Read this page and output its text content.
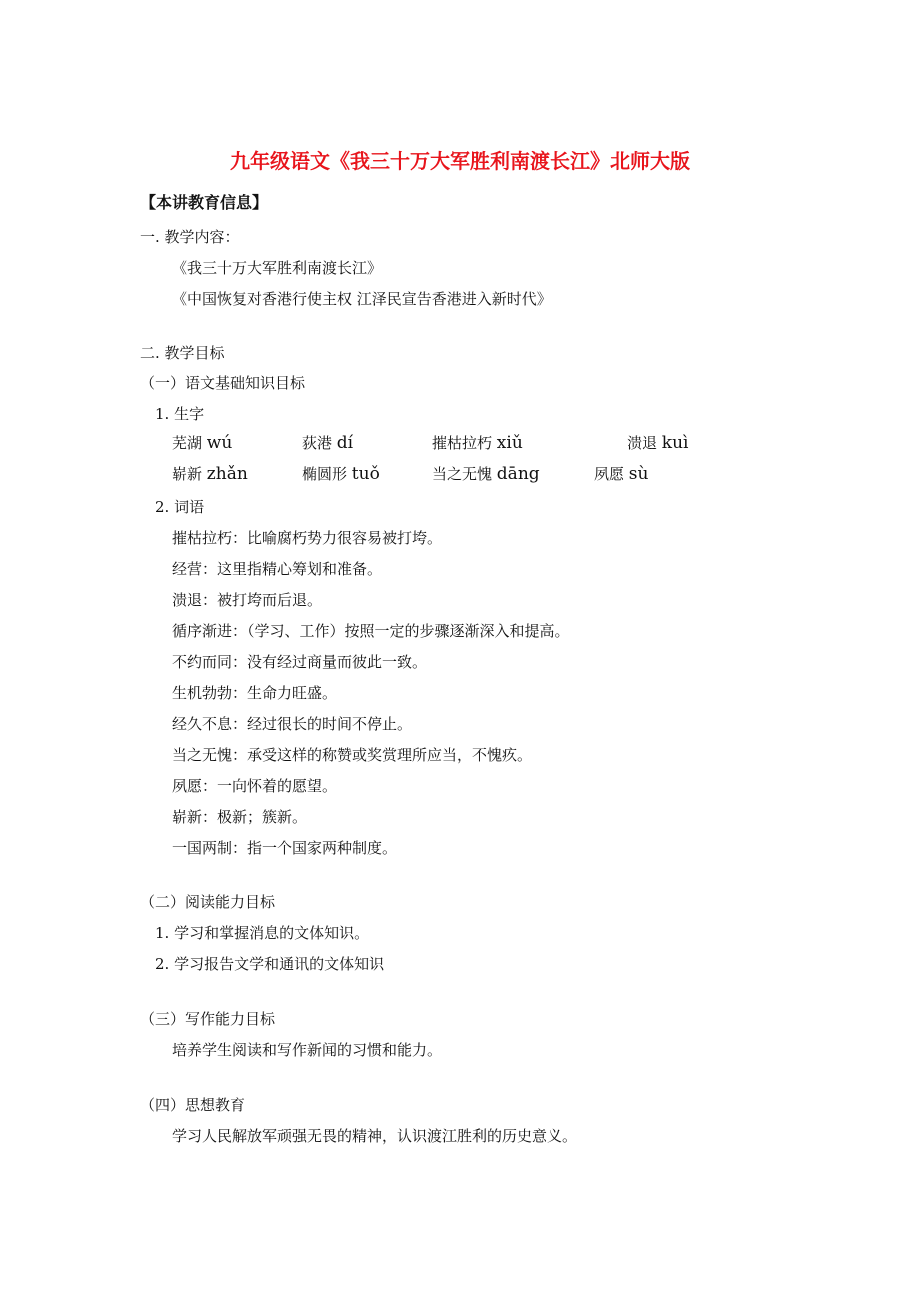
九年级语文《我三十万大军胜利南渡长江》北师大版
【本讲教育信息】
一. 教学内容：
《我三十万大军胜利南渡长江》
《中国恢复对香港行使主权 江泽民宣告香港进入新时代》
二. 教学目标
（一）语文基础知识目标
1. 生字
芜湖 wú	荻港 dí	摧枯拉朽 xiǔ	溃退 kuì
崭新 zhǎn	椭圆形 tuǒ	当之无愧 dāng	夙愿 sù
2. 词语
摧枯拉朽：比喻腐朽势力很容易被打垮。
经营：这里指精心筹划和准备。
溃退：被打垮而后退。
循序渐进：（学习、工作）按照一定的步骤逐渐深入和提高。
不约而同：没有经过商量而彼此一致。
生机勃勃：生命力旺盛。
经久不息：经过很长的时间不停止。
当之无愧：承受这样的称赞或奖赏理所应当，不愧疚。
夙愿：一向怀着的愿望。
崭新：极新；簇新。
一国两制：指一个国家两种制度。
（二）阅读能力目标
1. 学习和掌握消息的文体知识。
2. 学习报告文学和通讯的文体知识
（三）写作能力目标
培养学生阅读和写作新闻的习惯和能力。
（四）思想教育
学习人民解放军顽强无畏的精神，认识渡江胜利的历史意义。
